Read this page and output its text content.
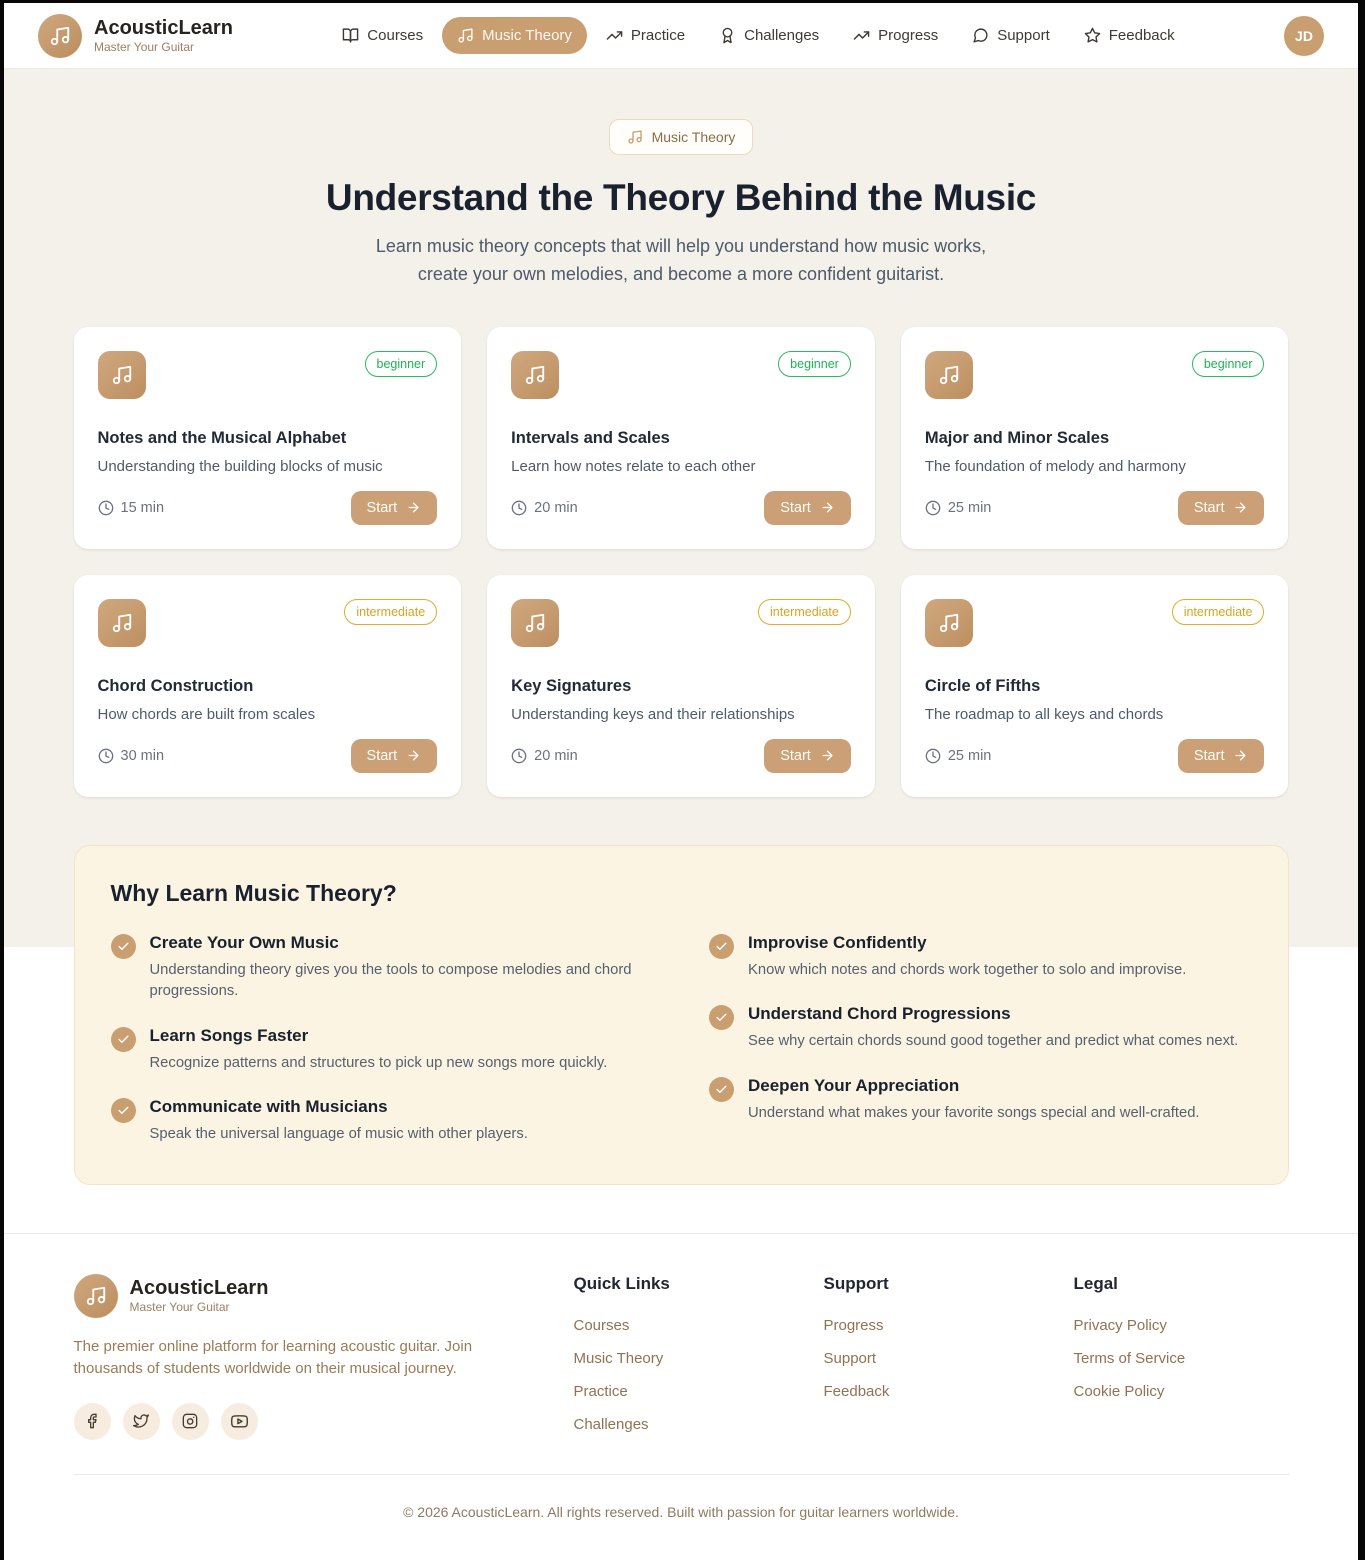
AcousticLearn
Master Your Guitar
Courses	Music Theory	Practice	Challenges	Progress	Support	Feedback	JD
Music Theory
Understand the Theory Behind the Music

Learn music theory concepts that will help you understand how music works,
create your own melodies, and become a more confident guitarist.

beginner
Notes and the Musical Alphabet

Understanding the building blocks of music

15 min	Start
beginner
Intervals and Scales

Learn how notes relate to each other

20 min	Start
beginner
Major and Minor Scales

The foundation of melody and harmony

25 min	Start
intermediate
Chord Construction

How chords are built from scales

30 min	Start
intermediate
Key Signatures

Understanding keys and their relationships

20 min	Start
intermediate
Circle of Fifths

The roadmap to all keys and chords

25 min	Start
Why Learn Music Theory?
Create Your Own Music
Understanding theory gives you the tools to compose melodies and chord progressions.
Learn Songs Faster
Recognize patterns and structures to pick up new songs more quickly.
Communicate with Musicians
Speak the universal language of music with other players.
Improvise Confidently
Know which notes and chords work together to solo and improvise.
Understand Chord Progressions
See why certain chords sound good together and predict what comes next.
Deepen Your Appreciation
Understand what makes your favorite songs special and well-crafted.
AcousticLearn
Master Your Guitar

The premier online platform for learning acoustic guitar. Join thousands of students worldwide on their musical journey.

Quick Links
Courses
Music Theory
Practice
Challenges
Support
Progress
Support
Feedback
Legal
Privacy Policy
Terms of Service
Cookie Policy
© 2026 AcousticLearn. All rights reserved. Built with passion for guitar learners worldwide.
